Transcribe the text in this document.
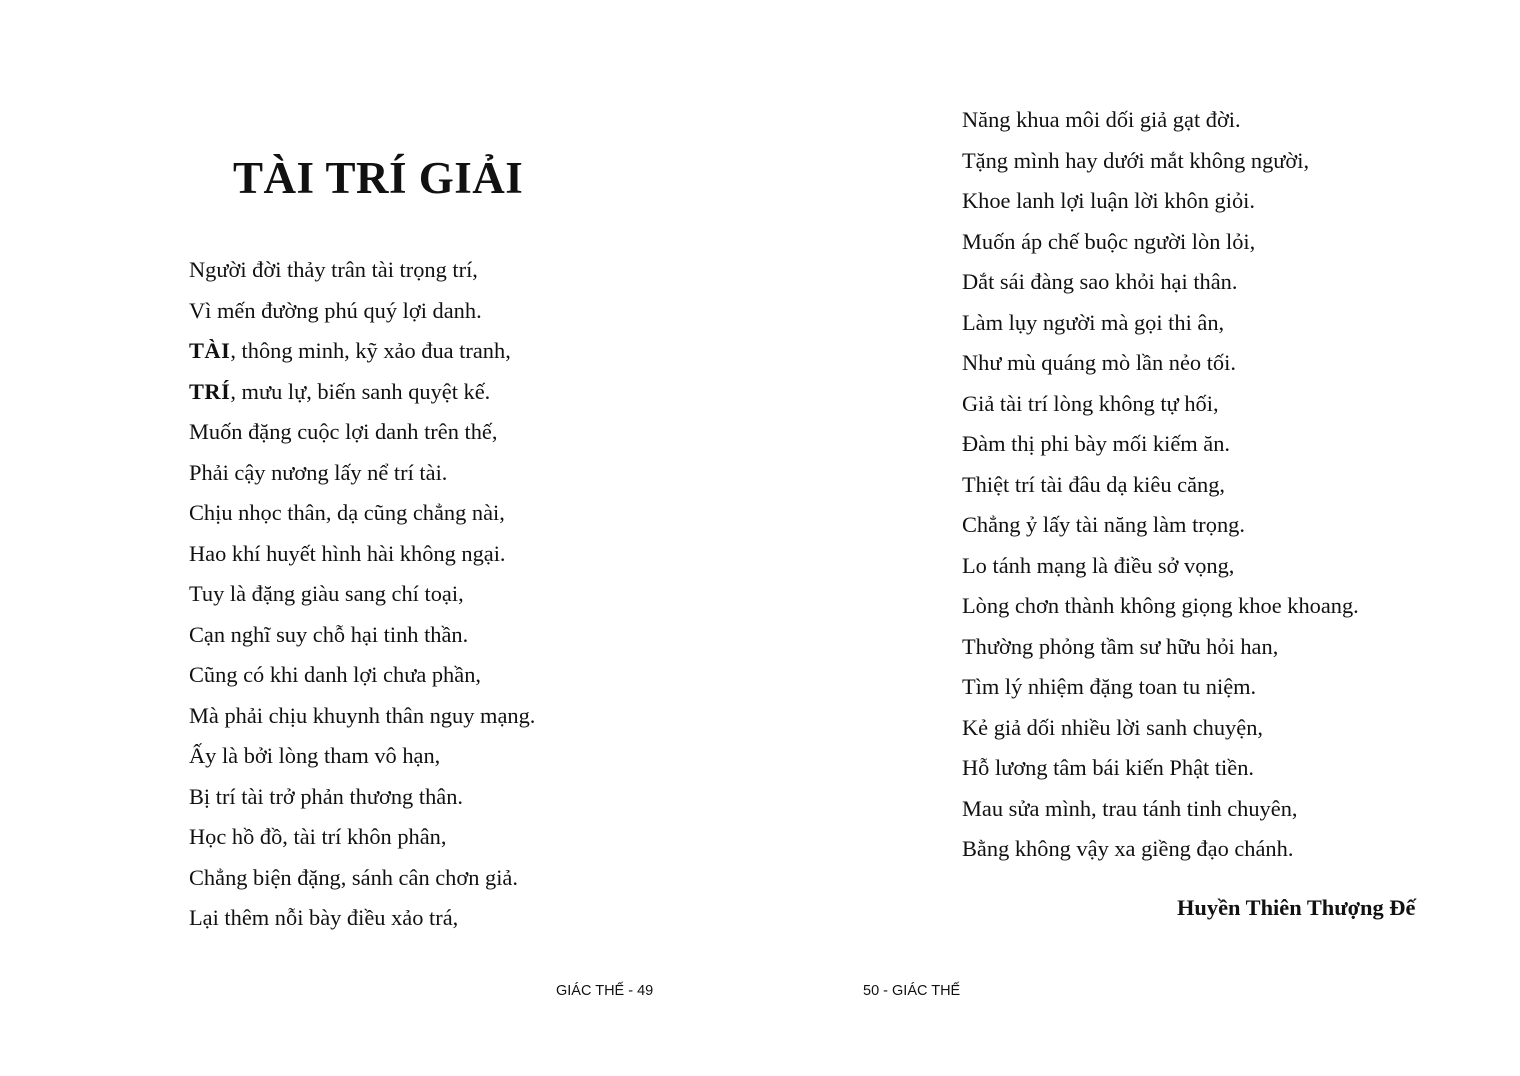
TÀI TRÍ GIẢI
Người đời thảy trân tài trọng trí,
Vì mến đường phú quý lợi danh.
TÀI, thông minh, kỹ xảo đua tranh,
TRÍ, mưu lự, biến sanh quyệt kế.
Muốn đặng cuộc lợi danh trên thế,
Phải cậy nương lấy nể trí tài.
Chịu nhọc thân, dạ cũng chẳng nài,
Hao khí huyết hình hài không ngại.
Tuy là đặng giàu sang chí toại,
Cạn nghĩ suy chỗ hại tinh thần.
Cũng có khi danh lợi chưa phần,
Mà phải chịu khuynh thân nguy mạng.
Ấy là bởi lòng tham vô hạn,
Bị trí tài trở phản thương thân.
Học hồ đồ, tài trí khôn phân,
Chẳng biện đặng, sánh cân chơn giả.
Lại thêm nỗi bày điều xảo trá,
GIÁC THẾ - 49
Năng khua môi dối giả gạt đời.
Tặng mình hay dưới mắt không người,
Khoe lanh lợi luận lời khôn giỏi.
Muốn áp chế buộc người lòn lỏi,
Dắt sái đàng sao khỏi hại thân.
Làm lụy người mà gọi thi ân,
Như mù quáng mò lần nẻo tối.
Giả tài trí lòng không tự hối,
Đàm thị phi bày mối kiếm ăn.
Thiệt trí tài đâu dạ kiêu căng,
Chẳng ỷ lấy tài năng làm trọng.
Lo tánh mạng là điều sở vọng,
Lòng chơn thành không giọng khoe khoang.
Thường phỏng tầm sư hữu hỏi han,
Tìm lý nhiệm đặng toan tu niệm.
Kẻ giả dối nhiều lời sanh chuyện,
Hỗ lương tâm bái kiến Phật tiền.
Mau sửa mình, trau tánh tinh chuyên,
Bằng không vậy xa giềng đạo chánh.

Huyền Thiên Thượng Đế

50 - GIÁC THẾ
